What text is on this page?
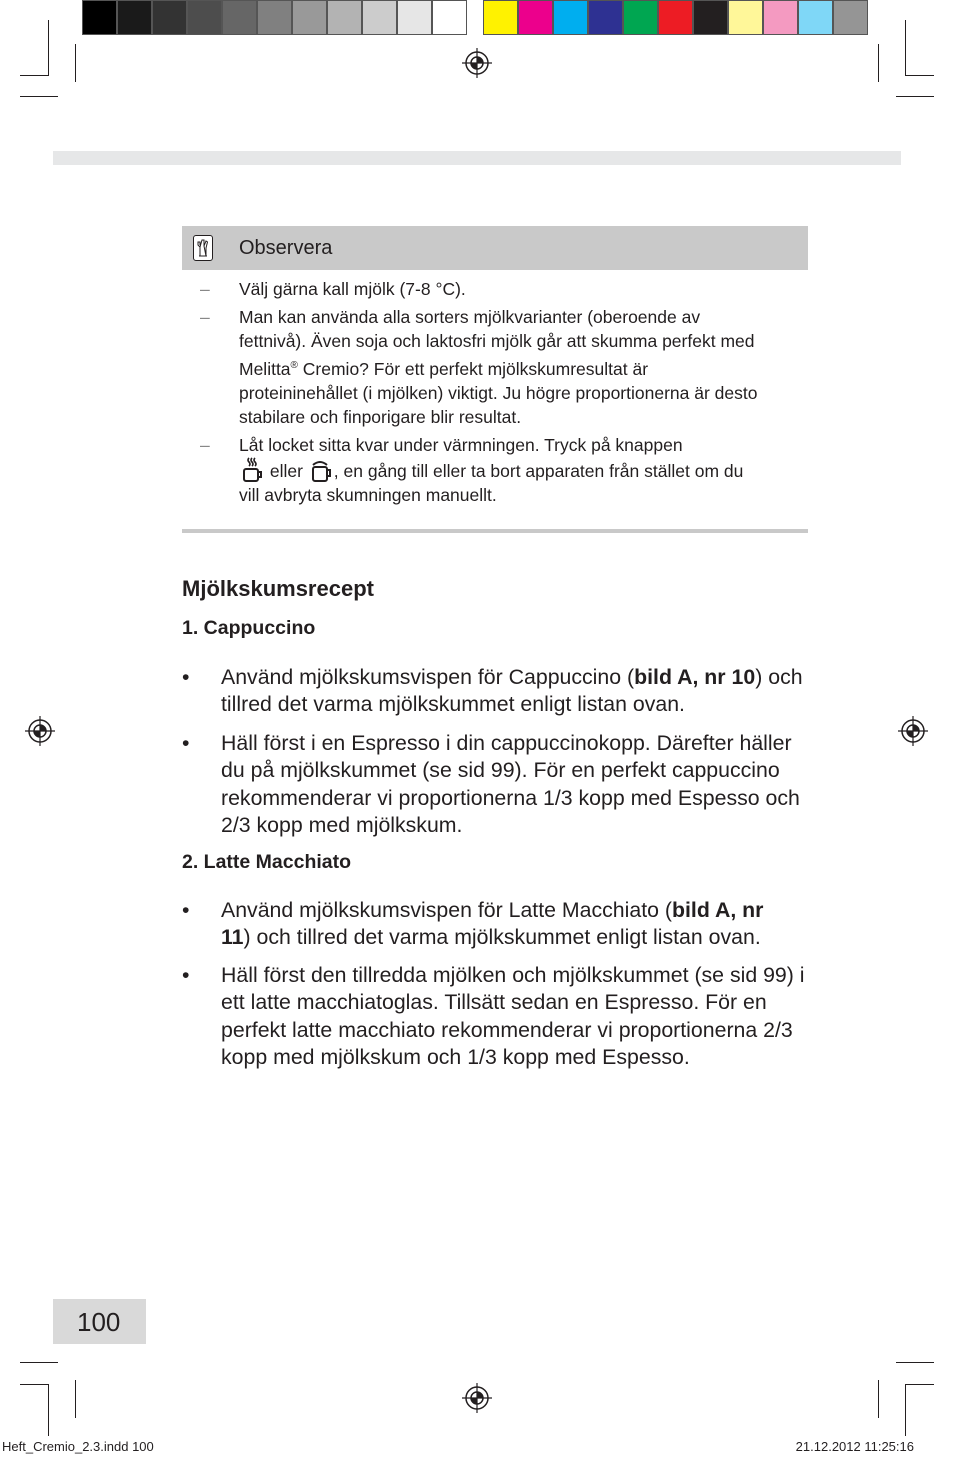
Observera
– Välj gärna kall mjölk (7-8 °C).
– Man kan använda alla sorters mjölkvarianter (oberoende av fettnivå). Även soja och laktosfri mjölk går att skumma perfekt med Melitta® Cremio? För ett perfekt mjölkskumresultat är proteininehållet (i mjölken) viktigt. Ju högre proportionerna är desto stabilare och finporigare blir resultat.
– Låt locket sitta kvar under värmningen. Tryck på knappen
eller , en gång till eller ta bort apparaten från stället om du vill avbryta skumningen manuellt.
Mjölkskumsrecept
1. Cappuccino
• Använd mjölkskumsvispen för Cappuccino (bild A, nr 10) och tillred det varma mjölkskummet enligt listan ovan.
• Häll först i en Espresso i din cappuccinokopp. Därefter häller du på mjölkskummet (se sid 99). För en perfekt cappuccino rekommenderar vi proportionerna 1/3 kopp med Espesso och 2/3 kopp med mjölkskum.
2. Latte Macchiato
• Använd mjölkskumsvispen för Latte Macchiato (bild A, nr 11) och tillred det varma mjölkskummet enligt listan ovan.
• Häll först den tillredda mjölken och mjölkskummet (se sid 99) i ett latte macchiatoglas. Tillsätt sedan en Espresso. För en perfekt latte macchiato rekommenderar vi proportionerna 2/3 kopp med mjölkskum och 1/3 kopp med Espesso.
100
Heft_Cremio_2.3.indd 100	21.12.2012 11:25:16
